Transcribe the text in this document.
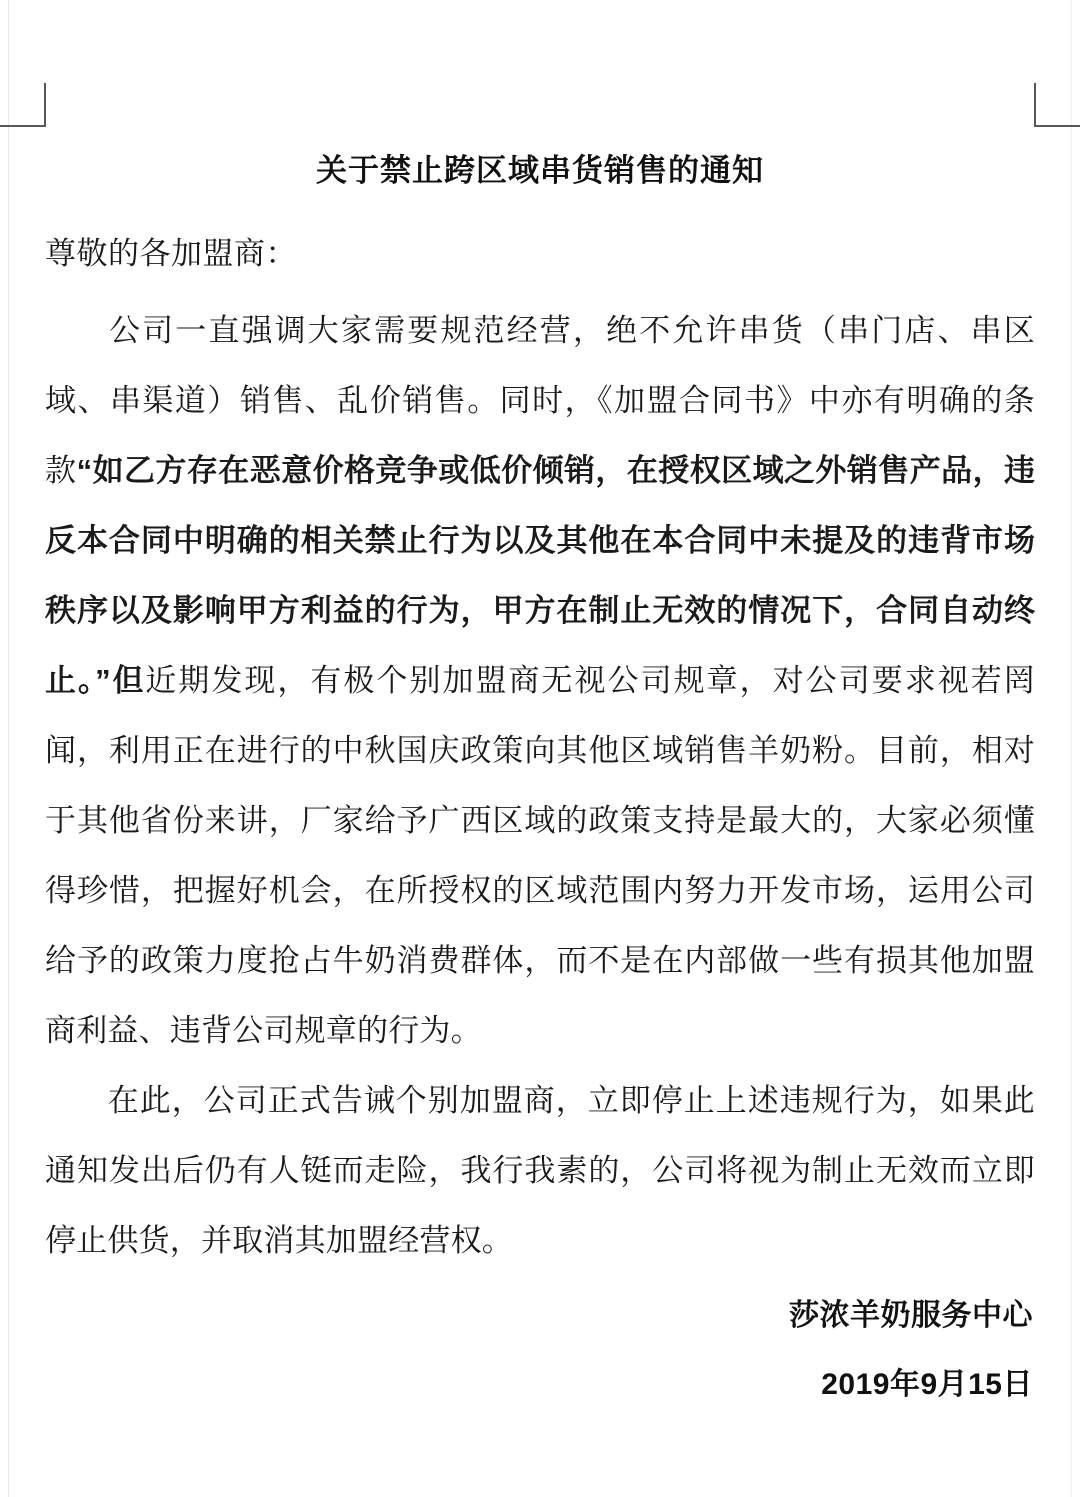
关于禁止跨区域串货销售的通知

尊敬的各加盟商：

公司一直强调大家需要规范经营，绝不允许串货（串门店、串区域、串渠道）销售、乱价销售。同时，《加盟合同书》中亦有明确的条款“如乙方存在恶意价格竞争或低价倾销，在授权区域之外销售产品，违反本合同中明确的相关禁止行为以及其他在本合同中未提及的违背市场秩序以及影响甲方利益的行为，甲方在制止无效的情况下，合同自动终止。”但近期发现，有极个别加盟商无视公司规章，对公司要求视若罔闻，利用正在进行的中秋国庆政策向其他区域销售羊奶粉。目前，相对于其他省份来讲，厂家给予广西区域的政策支持是最大的，大家必须懂得珍惜，把握好机会，在所授权的区域范围内努力开发市场，运用公司给予的政策力度抢占牛奶消费群体，而不是在内部做一些有损其他加盟商利益、违背公司规章的行为。

在此，公司正式告诫个别加盟商，立即停止上述违规行为，如果此通知发出后仍有人铤而走险，我行我素的，公司将视为制止无效而立即停止供货，并取消其加盟经营权。

莎浓羊奶服务中心
2019年9月15日
